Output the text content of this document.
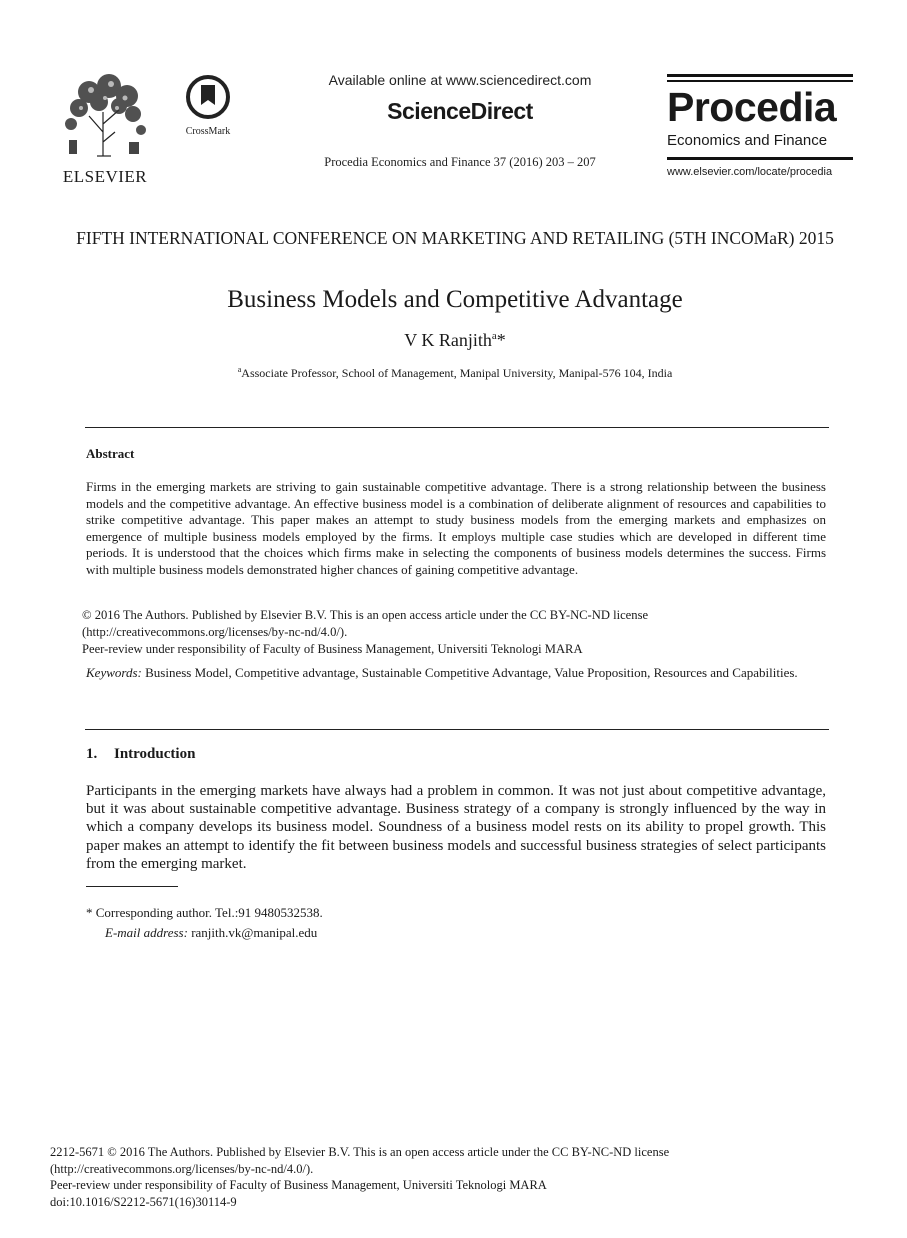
ELSEVIER
CrossMark
Available online at www.sciencedirect.com
ScienceDirect
Procedia Economics and Finance 37 (2016) 203 – 207
Procedia
Economics and Finance
www.elsevier.com/locate/procedia
FIFTH INTERNATIONAL CONFERENCE ON MARKETING AND RETAILING (5TH INCOMaR) 2015
Business Models and Competitive Advantage
V K Ranjith$^a$*
$^a$Associate Professor, School of Management, Manipal University, Manipal-576 104, India
Abstract
Firms in the emerging markets are striving to gain sustainable competitive advantage. There is a strong relationship between the business models and the competitive advantage. An effective business model is a combination of deliberate alignment of resources and capabilities to strike competitive advantage. This paper makes an attempt to study business models from the emerging markets and emphasizes on emergence of multiple business models employed by the firms. It employs multiple case studies which are developed in different time periods. It is understood that the choices which firms make in selecting the components of business models determines the success. Firms with multiple business models demonstrated higher chances of gaining competitive advantage.
© 2016 The Authors. Published by Elsevier B.V. This is an open access article under the CC BY-NC-ND license
(http://creativecommons.org/licenses/by-nc-nd/4.0/).
Peer-review under responsibility of Faculty of Business Management, Universiti Teknologi MARA
Keywords: Business Model, Competitive advantage, Sustainable Competitive Advantage, Value Proposition, Resources and Capabilities.
1. Introduction
Participants in the emerging markets have always had a problem in common. It was not just about competitive advantage, but it was about sustainable competitive advantage. Business strategy of a company is strongly influenced by the way in which a company develops its business model. Soundness of a business model rests on its ability to propel growth. This paper makes an attempt to identify the fit between business models and successful business strategies of select participants from the emerging market.
* Corresponding author. Tel.:91 9480532538.
E-mail address: ranjith.vk@manipal.edu
2212-5671 © 2016 The Authors. Published by Elsevier B.V. This is an open access article under the CC BY-NC-ND license
(http://creativecommons.org/licenses/by-nc-nd/4.0/).
Peer-review under responsibility of Faculty of Business Management, Universiti Teknologi MARA
doi:10.1016/S2212-5671(16)30114-9
